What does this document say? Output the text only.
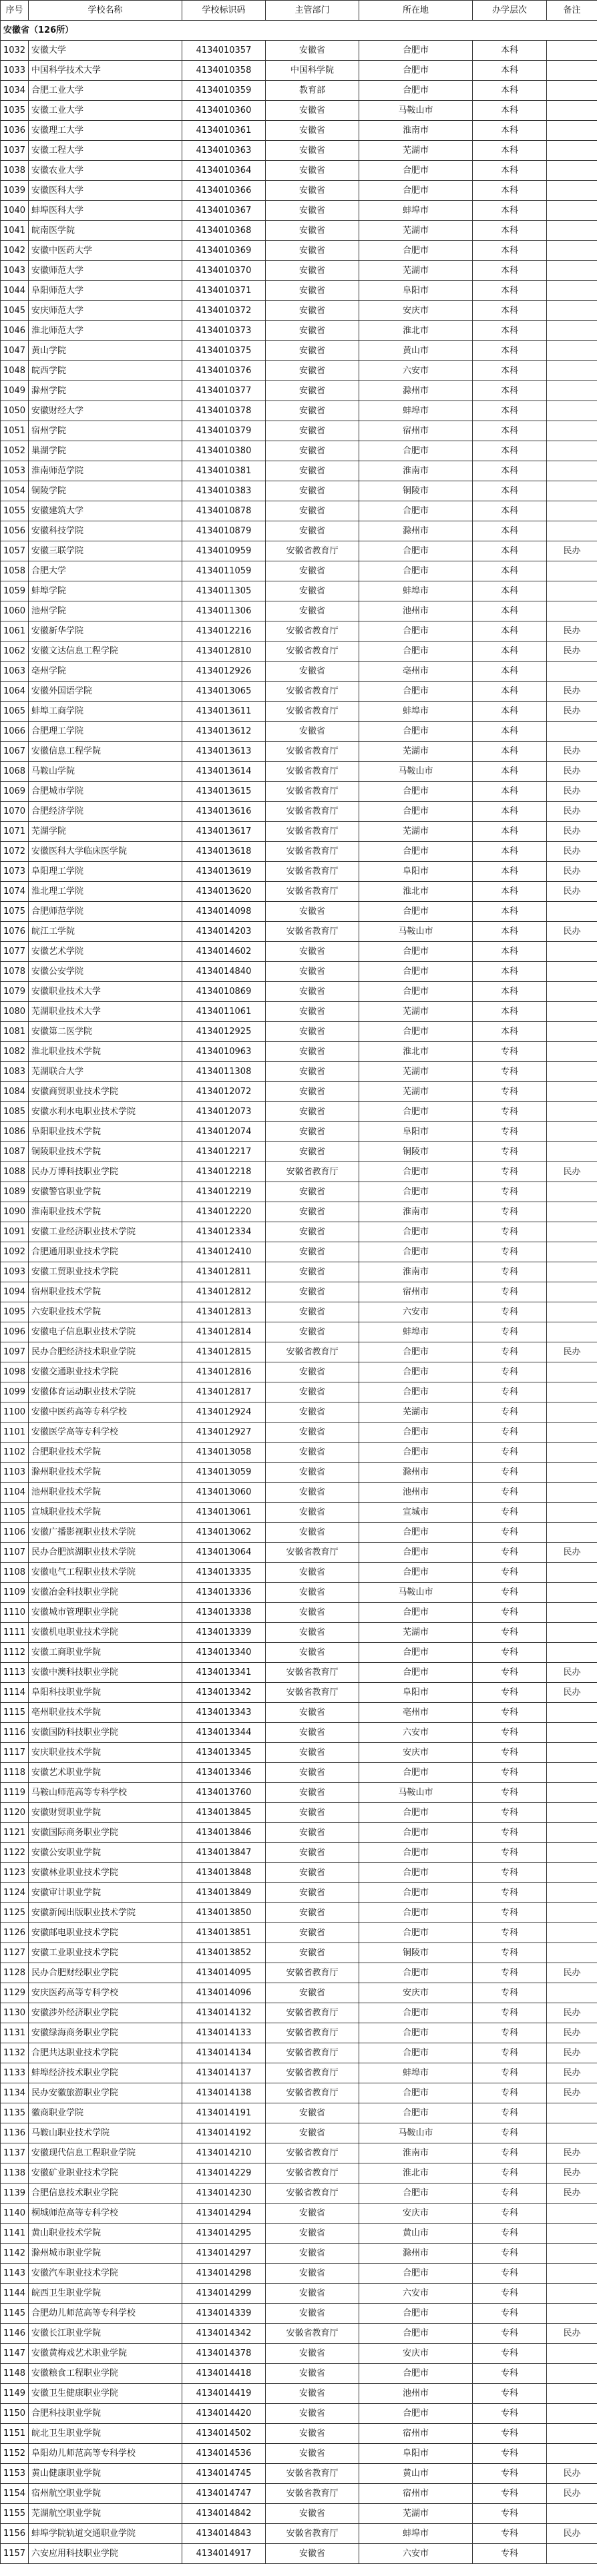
序号	学校名称	学校标识码	主管部门	所在地	办学层次	备注
安徽省（126所）						
1032	安徽大学	4134010357	安徽省	合肥市	本科	
1033	中国科学技术大学	4134010358	中国科学院	合肥市	本科	
1034	合肥工业大学	4134010359	教育部	合肥市	本科	
1035	安徽工业大学	4134010360	安徽省	马鞍山市	本科	
1036	安徽理工大学	4134010361	安徽省	淮南市	本科	
1037	安徽工程大学	4134010363	安徽省	芜湖市	本科	
1038	安徽农业大学	4134010364	安徽省	合肥市	本科	
1039	安徽医科大学	4134010366	安徽省	合肥市	本科	
1040	蚌埠医科大学	4134010367	安徽省	蚌埠市	本科	
1041	皖南医学院	4134010368	安徽省	芜湖市	本科	
1042	安徽中医药大学	4134010369	安徽省	合肥市	本科	
1043	安徽师范大学	4134010370	安徽省	芜湖市	本科	
1044	阜阳师范大学	4134010371	安徽省	阜阳市	本科	
1045	安庆师范大学	4134010372	安徽省	安庆市	本科	
1046	淮北师范大学	4134010373	安徽省	淮北市	本科	
1047	黄山学院	4134010375	安徽省	黄山市	本科	
1048	皖西学院	4134010376	安徽省	六安市	本科	
1049	滁州学院	4134010377	安徽省	滁州市	本科	
1050	安徽财经大学	4134010378	安徽省	蚌埠市	本科	
1051	宿州学院	4134010379	安徽省	宿州市	本科	
1052	巢湖学院	4134010380	安徽省	合肥市	本科	
1053	淮南师范学院	4134010381	安徽省	淮南市	本科	
1054	铜陵学院	4134010383	安徽省	铜陵市	本科	
1055	安徽建筑大学	4134010878	安徽省	合肥市	本科	
1056	安徽科技学院	4134010879	安徽省	滁州市	本科	
1057	安徽三联学院	4134010959	安徽省教育厅	合肥市	本科	民办
1058	合肥大学	4134011059	安徽省	合肥市	本科	
1059	蚌埠学院	4134011305	安徽省	蚌埠市	本科	
1060	池州学院	4134011306	安徽省	池州市	本科	
1061	安徽新华学院	4134012216	安徽省教育厅	合肥市	本科	民办
1062	安徽文达信息工程学院	4134012810	安徽省教育厅	合肥市	本科	民办
1063	亳州学院	4134012926	安徽省	亳州市	本科	
1064	安徽外国语学院	4134013065	安徽省教育厅	合肥市	本科	民办
1065	蚌埠工商学院	4134013611	安徽省教育厅	蚌埠市	本科	民办
1066	合肥理工学院	4134013612	安徽省	合肥市	本科	
1067	安徽信息工程学院	4134013613	安徽省教育厅	芜湖市	本科	民办
1068	马鞍山学院	4134013614	安徽省教育厅	马鞍山市	本科	民办
1069	合肥城市学院	4134013615	安徽省教育厅	合肥市	本科	民办
1070	合肥经济学院	4134013616	安徽省教育厅	合肥市	本科	民办
1071	芜湖学院	4134013617	安徽省教育厅	芜湖市	本科	民办
1072	安徽医科大学临床医学院	4134013618	安徽省教育厅	合肥市	本科	民办
1073	阜阳理工学院	4134013619	安徽省教育厅	阜阳市	本科	民办
1074	淮北理工学院	4134013620	安徽省教育厅	淮北市	本科	民办
1075	合肥师范学院	4134014098	安徽省	合肥市	本科	
1076	皖江工学院	4134014203	安徽省教育厅	马鞍山市	本科	民办
1077	安徽艺术学院	4134014602	安徽省	合肥市	本科	
1078	安徽公安学院	4134014840	安徽省	合肥市	本科	
1079	安徽职业技术大学	4134010869	安徽省	合肥市	本科	
1080	芜湖职业技术大学	4134011061	安徽省	芜湖市	本科	
1081	安徽第二医学院	4134012925	安徽省	合肥市	本科	
1082	淮北职业技术学院	4134010963	安徽省	淮北市	专科	
1083	芜湖联合大学	4134011308	安徽省	芜湖市	专科	
1084	安徽商贸职业技术学院	4134012072	安徽省	芜湖市	专科	
1085	安徽水利水电职业技术学院	4134012073	安徽省	合肥市	专科	
1086	阜阳职业技术学院	4134012074	安徽省	阜阳市	专科	
1087	铜陵职业技术学院	4134012217	安徽省	铜陵市	专科	
1088	民办万博科技职业学院	4134012218	安徽省教育厅	合肥市	专科	民办
1089	安徽警官职业学院	4134012219	安徽省	合肥市	专科	
1090	淮南职业技术学院	4134012220	安徽省	淮南市	专科	
1091	安徽工业经济职业技术学院	4134012334	安徽省	合肥市	专科	
1092	合肥通用职业技术学院	4134012410	安徽省	合肥市	专科	
1093	安徽工贸职业技术学院	4134012811	安徽省	淮南市	专科	
1094	宿州职业技术学院	4134012812	安徽省	宿州市	专科	
1095	六安职业技术学院	4134012813	安徽省	六安市	专科	
1096	安徽电子信息职业技术学院	4134012814	安徽省	蚌埠市	专科	
1097	民办合肥经济技术职业学院	4134012815	安徽省教育厅	合肥市	专科	民办
1098	安徽交通职业技术学院	4134012816	安徽省	合肥市	专科	
1099	安徽体育运动职业技术学院	4134012817	安徽省	合肥市	专科	
1100	安徽中医药高等专科学校	4134012924	安徽省	芜湖市	专科	
1101	安徽医学高等专科学校	4134012927	安徽省	合肥市	专科	
1102	合肥职业技术学院	4134013058	安徽省	合肥市	专科	
1103	滁州职业技术学院	4134013059	安徽省	滁州市	专科	
1104	池州职业技术学院	4134013060	安徽省	池州市	专科	
1105	宣城职业技术学院	4134013061	安徽省	宣城市	专科	
1106	安徽广播影视职业技术学院	4134013062	安徽省	合肥市	专科	
1107	民办合肥滨湖职业技术学院	4134013064	安徽省教育厅	合肥市	专科	民办
1108	安徽电气工程职业技术学院	4134013335	安徽省	合肥市	专科	
1109	安徽冶金科技职业学院	4134013336	安徽省	马鞍山市	专科	
1110	安徽城市管理职业学院	4134013338	安徽省	合肥市	专科	
1111	安徽机电职业技术学院	4134013339	安徽省	芜湖市	专科	
1112	安徽工商职业学院	4134013340	安徽省	合肥市	专科	
1113	安徽中澳科技职业学院	4134013341	安徽省教育厅	合肥市	专科	民办
1114	阜阳科技职业学院	4134013342	安徽省教育厅	阜阳市	专科	民办
1115	亳州职业技术学院	4134013343	安徽省	亳州市	专科	
1116	安徽国防科技职业学院	4134013344	安徽省	六安市	专科	
1117	安庆职业技术学院	4134013345	安徽省	安庆市	专科	
1118	安徽艺术职业学院	4134013346	安徽省	合肥市	专科	
1119	马鞍山师范高等专科学校	4134013760	安徽省	马鞍山市	专科	
1120	安徽财贸职业学院	4134013845	安徽省	合肥市	专科	
1121	安徽国际商务职业学院	4134013846	安徽省	合肥市	专科	
1122	安徽公安职业学院	4134013847	安徽省	合肥市	专科	
1123	安徽林业职业技术学院	4134013848	安徽省	合肥市	专科	
1124	安徽审计职业学院	4134013849	安徽省	合肥市	专科	
1125	安徽新闻出版职业技术学院	4134013850	安徽省	合肥市	专科	
1126	安徽邮电职业技术学院	4134013851	安徽省	合肥市	专科	
1127	安徽工业职业技术学院	4134013852	安徽省	铜陵市	专科	
1128	民办合肥财经职业学院	4134014095	安徽省教育厅	合肥市	专科	民办
1129	安庆医药高等专科学校	4134014096	安徽省	安庆市	专科	
1130	安徽涉外经济职业学院	4134014132	安徽省教育厅	合肥市	专科	民办
1131	安徽绿海商务职业学院	4134014133	安徽省教育厅	合肥市	专科	民办
1132	合肥共达职业技术学院	4134014134	安徽省教育厅	合肥市	专科	民办
1133	蚌埠经济技术职业学院	4134014137	安徽省教育厅	蚌埠市	专科	民办
1134	民办安徽旅游职业学院	4134014138	安徽省教育厅	合肥市	专科	民办
1135	徽商职业学院	4134014191	安徽省	合肥市	专科	
1136	马鞍山职业技术学院	4134014192	安徽省	马鞍山市	专科	
1137	安徽现代信息工程职业学院	4134014210	安徽省教育厅	淮南市	专科	民办
1138	安徽矿业职业技术学院	4134014229	安徽省教育厅	淮北市	专科	民办
1139	合肥信息技术职业学院	4134014230	安徽省教育厅	合肥市	专科	民办
1140	桐城师范高等专科学校	4134014294	安徽省	安庆市	专科	
1141	黄山职业技术学院	4134014295	安徽省	黄山市	专科	
1142	滁州城市职业学院	4134014297	安徽省	滁州市	专科	
1143	安徽汽车职业技术学院	4134014298	安徽省	合肥市	专科	
1144	皖西卫生职业学院	4134014299	安徽省	六安市	专科	
1145	合肥幼儿师范高等专科学校	4134014339	安徽省	合肥市	专科	
1146	安徽长江职业学院	4134014342	安徽省教育厅	合肥市	专科	民办
1147	安徽黄梅戏艺术职业学院	4134014378	安徽省	安庆市	专科	
1148	安徽粮食工程职业学院	4134014418	安徽省	合肥市	专科	
1149	安徽卫生健康职业学院	4134014419	安徽省	池州市	专科	
1150	合肥科技职业学院	4134014420	安徽省	合肥市	专科	
1151	皖北卫生职业学院	4134014502	安徽省	宿州市	专科	
1152	阜阳幼儿师范高等专科学校	4134014536	安徽省	阜阳市	专科	
1153	黄山健康职业学院	4134014745	安徽省教育厅	黄山市	专科	民办
1154	宿州航空职业学院	4134014747	安徽省教育厅	宿州市	专科	民办
1155	芜湖航空职业学院	4134014842	安徽省	芜湖市	专科	
1156	蚌埠学院轨道交通职业学院	4134014843	安徽省教育厅	蚌埠市	专科	民办
1157	六安应用科技职业学院	4134014917	安徽省	六安市	专科	
